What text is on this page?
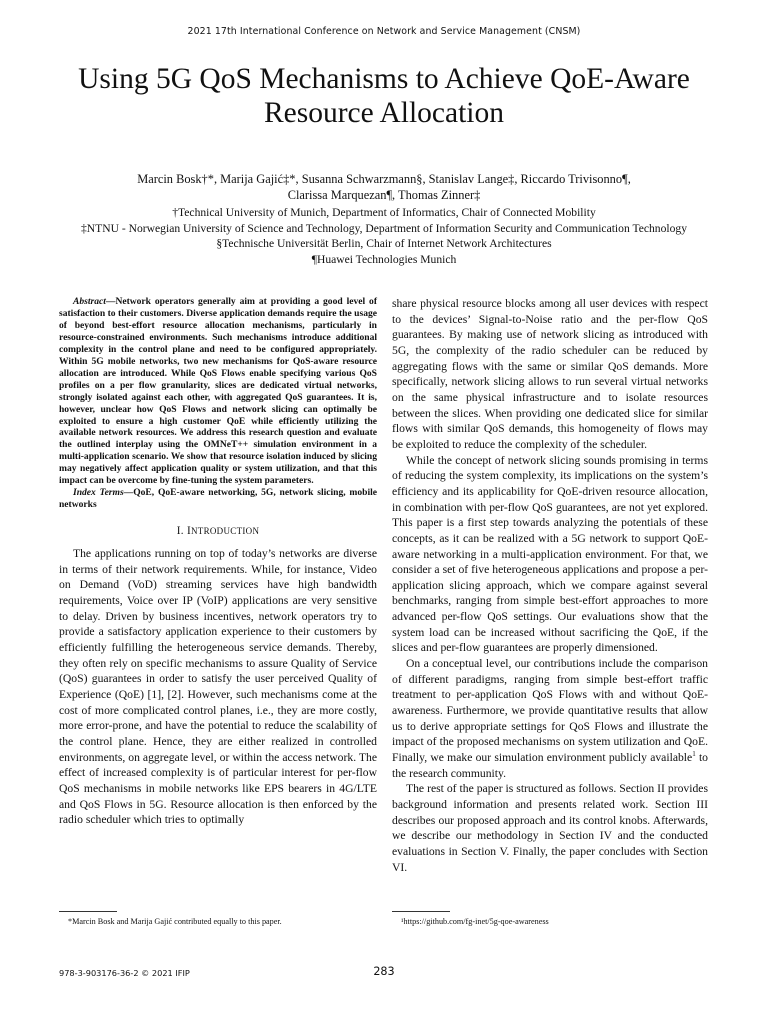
2021 17th International Conference on Network and Service Management (CNSM)
Using 5G QoS Mechanisms to Achieve QoE-Aware
Resource Allocation
Marcin Bosk†*, Marija Gajić‡*, Susanna Schwarzmann§, Stanislav Lange‡, Riccardo Trivisonno¶,
Clarissa Marquezan¶, Thomas Zinner‡
†Technical University of Munich, Department of Informatics, Chair of Connected Mobility
‡NTNU - Norwegian University of Science and Technology, Department of Information Security and Communication Technology
§Technische Universität Berlin, Chair of Internet Network Architectures
¶Huawei Technologies Munich

Abstract—Network operators generally aim at providing a good level of satisfaction to their customers. Diverse application demands require the usage of beyond best-effort resource allocation mechanisms, particularly in resource-constrained environments. Such mechanisms introduce additional complexity in the control plane and need to be configured appropriately. Within 5G mobile networks, two new mechanisms for QoS-aware resource allocation are introduced. While QoS Flows enable specifying various QoS profiles on a per flow granularity, slices are dedicated virtual networks, strongly isolated against each other, with aggregated QoS guarantees. It is, however, unclear how QoS Flows and network slicing can optimally be exploited to ensure a high customer QoE while efficiently utilizing the available network resources. We address this research question and evaluate the outlined interplay using the OMNeT++ simulation environment in a multi-application scenario. We show that resource isolation induced by slicing may negatively affect application quality or system utilization, and that this impact can be overcome by fine-tuning the system parameters.

Index Terms—QoE, QoE-aware networking, 5G, network slicing, mobile networks

I. INTRODUCTION

The applications running on top of today’s networks are diverse in terms of their network requirements. While, for instance, Video on Demand (VoD) streaming services have high bandwidth requirements, Voice over IP (VoIP) applications are very sensitive to delay. Driven by business incentives, network operators try to provide a satisfactory application experience to their customers by efficiently fulfilling the heterogeneous service demands. Thereby, they often rely on specific mechanisms to assure Quality of Service (QoS) guarantees in order to satisfy the user perceived Quality of Experience (QoE) [1], [2]. However, such mechanisms come at the cost of more complicated control planes, i.e., they are more costly, more error-prone, and have the potential to reduce the scalability of the control plane. Hence, they are either realized in controlled environments, on aggregate level, or within the access network. The effect of increased complexity is of particular interest for per-flow QoS mechanisms in mobile networks like EPS bearers in 4G/LTE and QoS Flows in 5G. Resource allocation is then enforced by the radio scheduler which tries to optimally

share physical resource blocks among all user devices with respect to the devices’ Signal-to-Noise ratio and the per-flow QoS guarantees. By making use of network slicing as introduced with 5G, the complexity of the radio scheduler can be reduced by aggregating flows with the same or similar QoS demands. More specifically, network slicing allows to run several virtual networks on the same physical infrastructure and to isolate resources between the slices. When providing one dedicated slice for similar flows with similar QoS demands, this homogeneity of flows may be exploited to reduce the complexity of the scheduler.

While the concept of network slicing sounds promising in terms of reducing the system complexity, its implications on the system’s efficiency and its applicability for QoE-driven resource allocation, in combination with per-flow QoS guarantees, are not yet explored. This paper is a first step towards analyzing the potentials of these concepts, as it can be realized with a 5G network to support QoE-aware networking in a multi-application environment. For that, we consider a set of five heterogeneous applications and propose a per-application slicing approach, which we compare against several benchmarks, ranging from simple best-effort approaches to more advanced per-flow QoS settings. Our evaluations show that the system load can be increased without sacrificing the QoE, if the slices and per-flow guarantees are properly dimensioned.

On a conceptual level, our contributions include the comparison of different paradigms, ranging from simple best-effort traffic treatment to per-application QoS Flows with and without QoE-awareness. Furthermore, we provide quantitative results that allow us to derive appropriate settings for QoS Flows and illustrate the impact of the proposed mechanisms on system utilization and QoE. Finally, we make our simulation environment publicly available$^1$ to the research community.

The rest of the paper is structured as follows. Section II provides background information and presents related work. Section III describes our proposed approach and its control knobs. Afterwards, we describe our methodology in Section IV and the conducted evaluations in Section V. Finally, the paper concludes with Section VI.

*Marcin Bosk and Marija Gajić contributed equally to this paper.	¹https://github.com/fg-inet/5g-qoe-awareness
978-3-903176-36-2 © 2021 IFIP	283
